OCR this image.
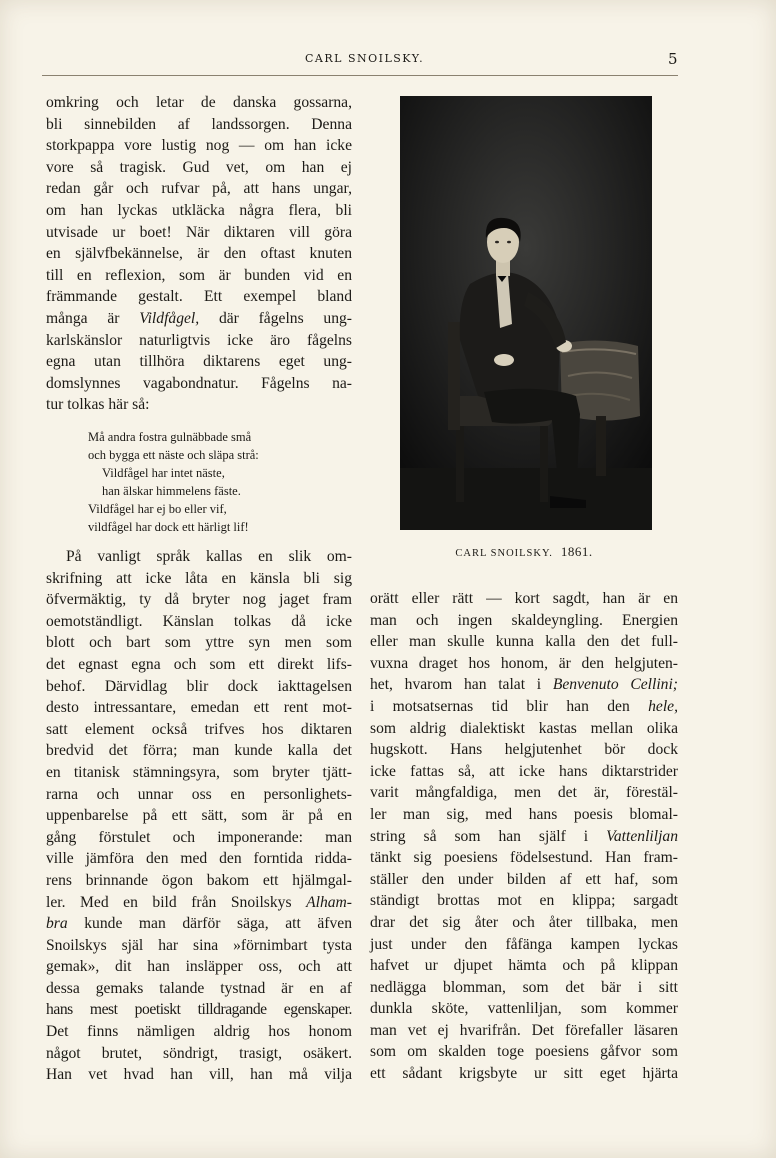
CARL SNOILSKY.	5
omkring och letar de danska gossarna,
bli sinnebilden af landssorgen. Denna
storkpappa vore lustig nog — om han icke
vore så tragisk. Gud vet, om han ej
redan går och rufvar på, att hans ungar,
om han lyckas utkläcka några flera, bli
utvisade ur boet! När diktaren vill göra
en självfbekännelse, är den oftast knuten
till en reflexion, som är bunden vid en
främmande gestalt. Ett exempel bland
många är Vildfågel, där fågelns ung-
karlskänslor naturligtvis icke äro fågelns
egna utan tillhöra diktarens eget ung-
domslynnes vagabondnatur. Fågelns na-
tur tolkas här så:
Må andra fostra gulnäbbade små
och bygga ett näste och släpa strå:
Vildfågel har intet näste,
han älskar himmelens fäste.
Vildfågel har ej bo eller vif,
vildfågel har dock ett härligt lif!
På vanligt språk kallas en slik om-
skrifning att icke låta en känsla bli sig
öfvermäktig, ty då bryter nog jaget fram
oemotständligt. Känslan tolkas då icke
blott och bart som yttre syn men som
det egnast egna och som ett direkt lifs-
behof. Därvidlag blir dock iakttagelsen
desto intressantare, emedan ett rent mot-
satt element också trifves hos diktaren
bredvid det förra; man kunde kalla det
en titanisk stämningsyra, som bryter tjätt-
rarna och unnar oss en personlighets-
uppenbarelse på ett sätt, som är på en
gång förstulet och imponerande: man
ville jämföra den med den forntida ridda-
rens brinnande ögon bakom ett hjälmgal-
ler. Med en bild från Snoilskys Alham-
bra kunde man därför säga, att äfven
Snoilskys själ har sina »förnimbart tysta
gemak», dit han insläpper oss, och att
dessa gemaks talande tystnad är en af
hans mest poetiskt tilldragande egenskaper.
Det finns nämligen aldrig hos honom
något brutet, söndrigt, trasigt, osäkert.
Han vet hvad han vill, han må vilja
CARL SNOILSKY. 1861.
orätt eller rätt — kort sagdt, han är en
man och ingen skaldeyngling. Energien
eller man skulle kunna kalla den det full-
vuxna draget hos honom, är den helgjuten-
het, hvarom han talat i Benvenuto Cellini;
i motsatsernas tid blir han den hele,
som aldrig dialektiskt kastas mellan olika
hugskott. Hans helgjutenhet bör dock
icke fattas så, att icke hans diktarstrider
varit mångfaldiga, men det är, förestäl-
ler man sig, med hans poesis blomal-
string så som han själf i Vattenliljan
tänkt sig poesiens födelsestund. Han fram-
ställer den under bilden af ett haf, som
ständigt brottas mot en klippa; sargadt
drar det sig åter och åter tillbaka, men
just under den fåfänga kampen lyckas
hafvet ur djupet hämta och på klippan
nedlägga blomman, som det bär i sitt
dunkla sköte, vattenliljan, som kommer
man vet ej hvarifrån. Det förefaller läsaren
som om skalden toge poesiens gåfvor som
ett sådant krigsbyte ur sitt eget hjärta
